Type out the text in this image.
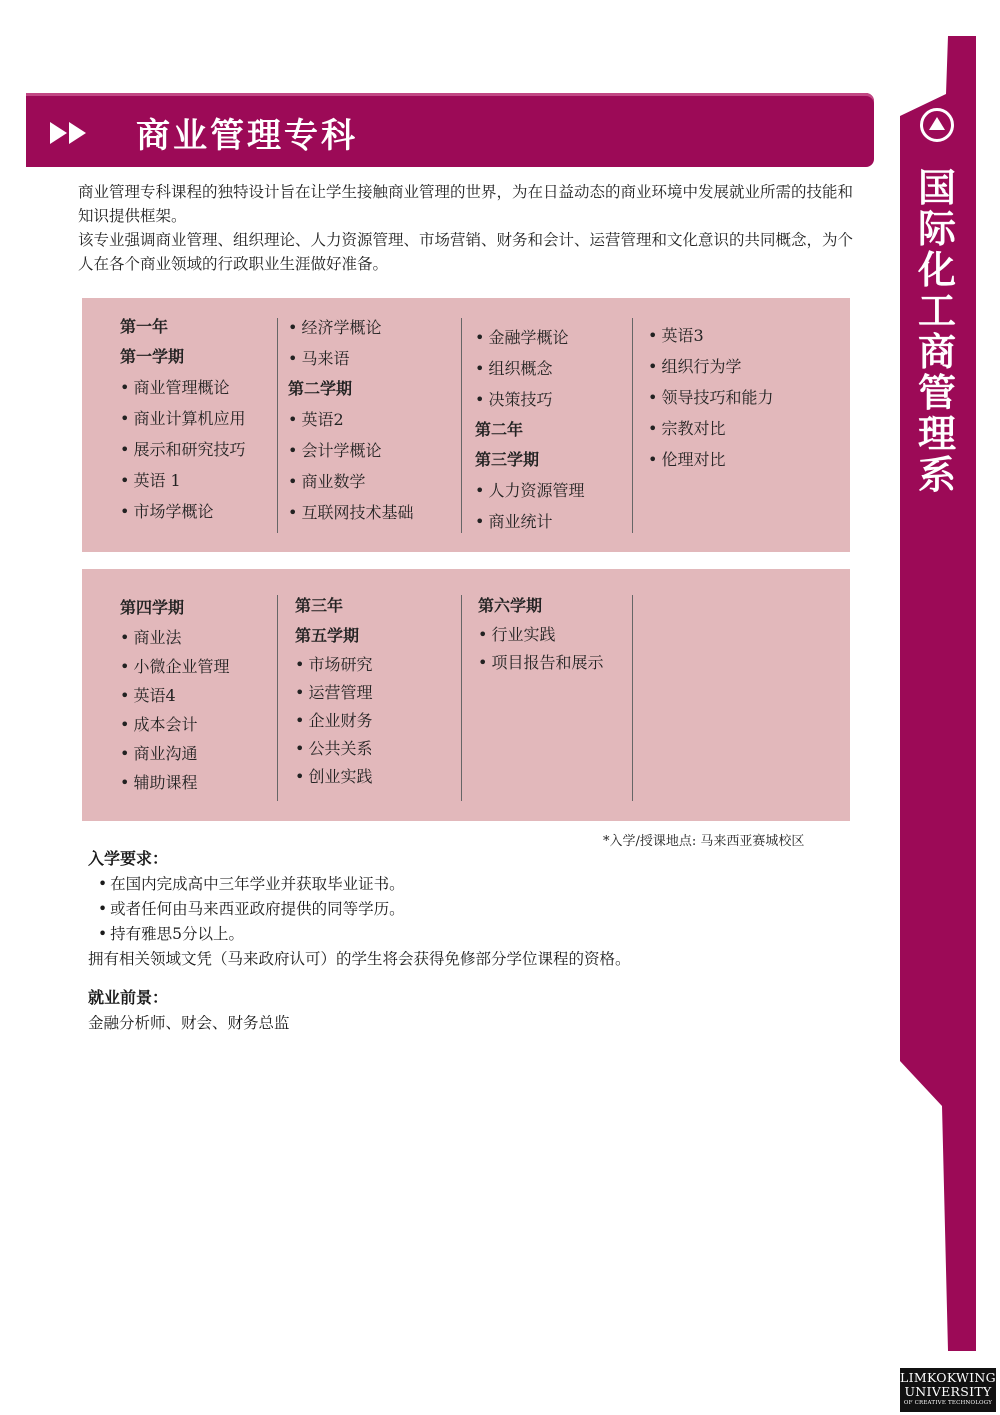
国际化工商管理系
商业管理专科

商业管理专科课程的独特设计旨在让学生接触商业管理的世界，为在日益动态的商业环境中发展就业所需的技能和知识提供框架。

该专业强调商业管理、组织理论、人力资源管理、市场营销、财务和会计、运营管理和文化意识的共同概念，为个人在各个商业领域的行政职业生涯做好准备。

第一年
第一学期
• 商业管理概论
• 商业计算机应用
• 展示和研究技巧
• 英语 1
• 市场学概论
• 经济学概论
• 马来语
第二学期
• 英语2
• 会计学概论
• 商业数学
• 互联网技术基础
• 金融学概论
• 组织概念
• 决策技巧
第二年
第三学期
• 人力资源管理
• 商业统计
• 英语3
• 组织行为学
• 领导技巧和能力
• 宗教对比
• 伦理对比
第四学期
• 商业法
• 小微企业管理
• 英语4
• 成本会计
• 商业沟通
• 辅助课程
第三年
第五学期
• 市场研究
• 运营管理
• 企业财务
• 公共关系
• 创业实践
第六学期
• 行业实践
• 项目报告和展示
*入学/授课地点: 马来西亚赛城校区
入学要求：
• 在国内完成高中三年学业并获取毕业证书。
• 或者任何由马来西亚政府提供的同等学历。
• 持有雅思5分以上。
拥有相关领域文凭（马来政府认可）的学生将会获得免修部分学位课程的资格。
就业前景：
金融分析师、财会、财务总监
LIMKOKWING
UNIVERSITY
OF CREATIVE TECHNOLOGY
